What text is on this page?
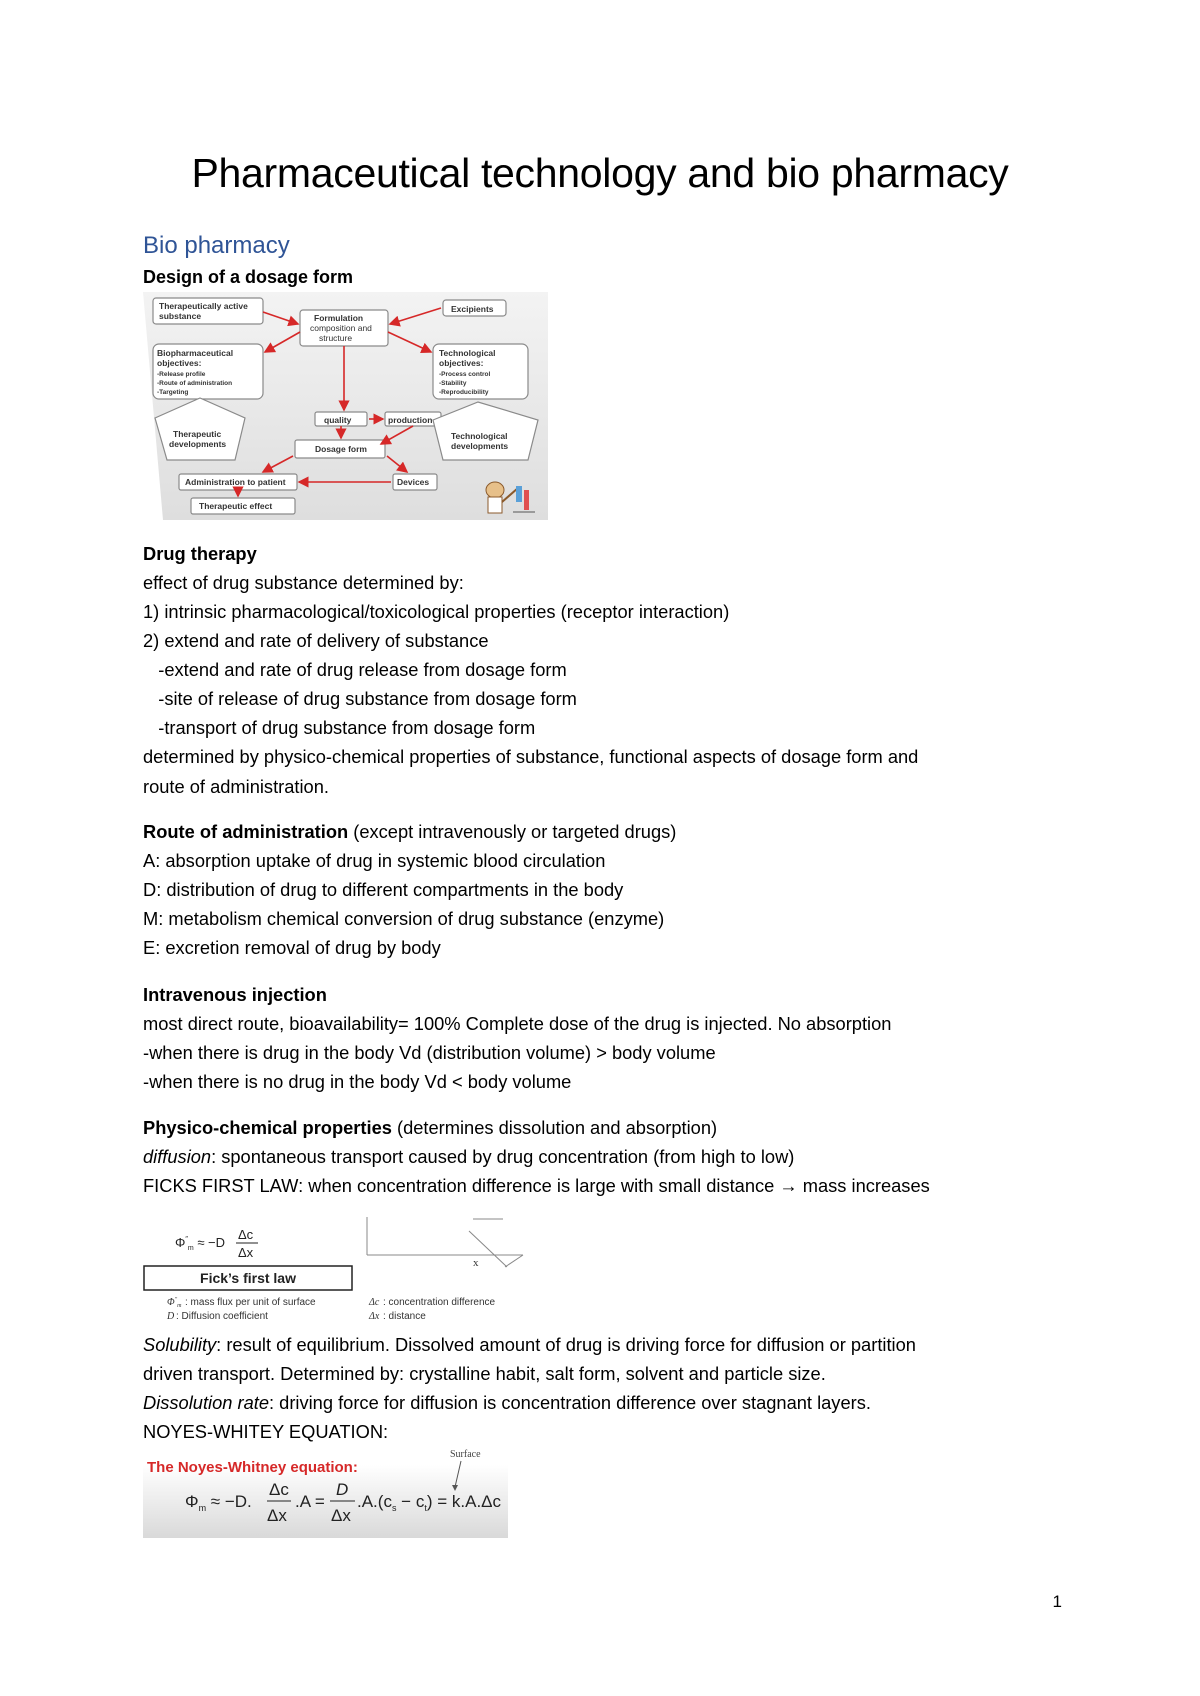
Pharmaceutical technology and bio pharmacy
Bio pharmacy
Design of a dosage form
Therapeutically active
substance
Excipients
Formulation
composition and
structure
Biopharmaceutical
objectives:
-Release profile
-Route of administration
-Targeting
Technological
objectives:
-Process control
-Stability
-Reproducibility
quality	production
Therapeutic
developments
Technological
developments
Dosage form
Administration to patient	Devices
Therapeutic effect
Drug therapy
effect of drug substance determined by:
1) intrinsic pharmacological/toxicological properties (receptor interaction)
2) extend and rate of delivery of substance
-extend and rate of drug release from dosage form
-site of release of drug substance from dosage form
-transport of drug substance from dosage form
determined by physico-chemical properties of substance, functional aspects of dosage form and
route of administration.
Route of administration (except intravenously or targeted drugs)
A: absorption uptake of drug in systemic blood circulation
D: distribution of drug to different compartments in the body
M: metabolism chemical conversion of drug substance (enzyme)
E: excretion removal of drug by body
Intravenous injection
most direct route, bioavailability= 100% Complete dose of the drug is injected. No absorption
-when there is drug in the body Vd (distribution volume) > body volume
-when there is no drug in the body Vd < body volume
Physico-chemical properties (determines dissolution and absorption)
diffusion: spontaneous transport caused by drug concentration (from high to low)
FICKS FIRST LAW: when concentration difference is large with small distance → mass increases
$\Phi''_m \approx -D$
Δc
Δx
Fick’s first law
$\Phi''_m$ : mass flux per unit of surface
D : Diffusion coefficient
Δc : concentration difference
Δx : distance
x
Solubility: result of equilibrium. Dissolved amount of drug is driving force for diffusion or partition
driven transport. Determined by: crystalline habit, salt form, solvent and particle size.
Dissolution rate: driving force for diffusion is concentration difference over stagnant layers.
NOYES-WHITEY EQUATION:
The Noyes-Whitney equation:
Surface
$\Phi_m \approx -D$.
Δc
Δx
.A =
D
Δx
$.A.(c_s - c_t) = k.A.\Delta c$
1
